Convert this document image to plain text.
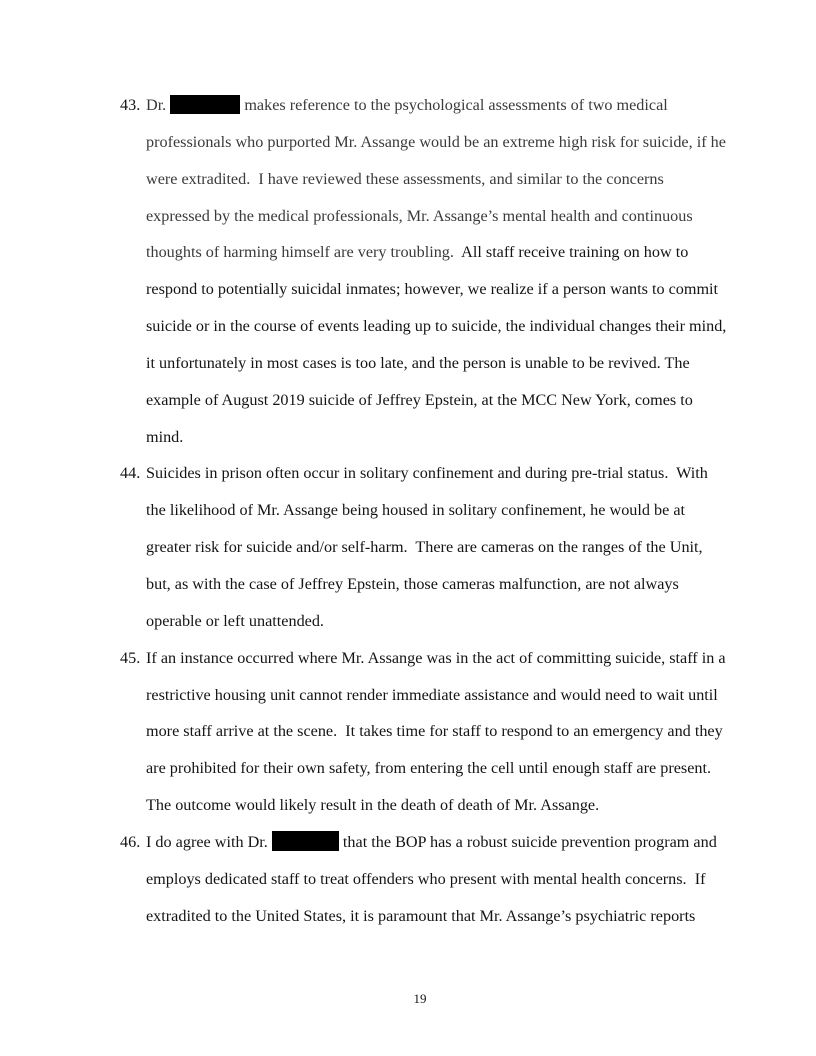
43. Dr.	makes reference to the psychological assessments of two medical
professionals who purported Mr. Assange would be an extreme high risk for suicide, if he
were extradited.  I have reviewed these assessments, and similar to the concerns
expressed by the medical professionals, Mr. Assange’s mental health and continuous
thoughts of harming himself are very troubling.  All staff receive training on how to
respond to potentially suicidal inmates; however, we realize if a person wants to commit
suicide or in the course of events leading up to suicide, the individual changes their mind,
it unfortunately in most cases is too late, and the person is unable to be revived. The
example of August 2019 suicide of Jeffrey Epstein, at the MCC New York, comes to
mind.
44. Suicides in prison often occur in solitary confinement and during pre-trial status.  With
the likelihood of Mr. Assange being housed in solitary confinement, he would be at
greater risk for suicide and/or self-harm.  There are cameras on the ranges of the Unit,
but, as with the case of Jeffrey Epstein, those cameras malfunction, are not always
operable or left unattended.
45. If an instance occurred where Mr. Assange was in the act of committing suicide, staff in a
restrictive housing unit cannot render immediate assistance and would need to wait until
more staff arrive at the scene.  It takes time for staff to respond to an emergency and they
are prohibited for their own safety, from entering the cell until enough staff are present.
The outcome would likely result in the death of death of Mr. Assange.
46. I do agree with Dr.	that the BOP has a robust suicide prevention program and
employs dedicated staff to treat offenders who present with mental health concerns.  If
extradited to the United States, it is paramount that Mr. Assange’s psychiatric reports
19
